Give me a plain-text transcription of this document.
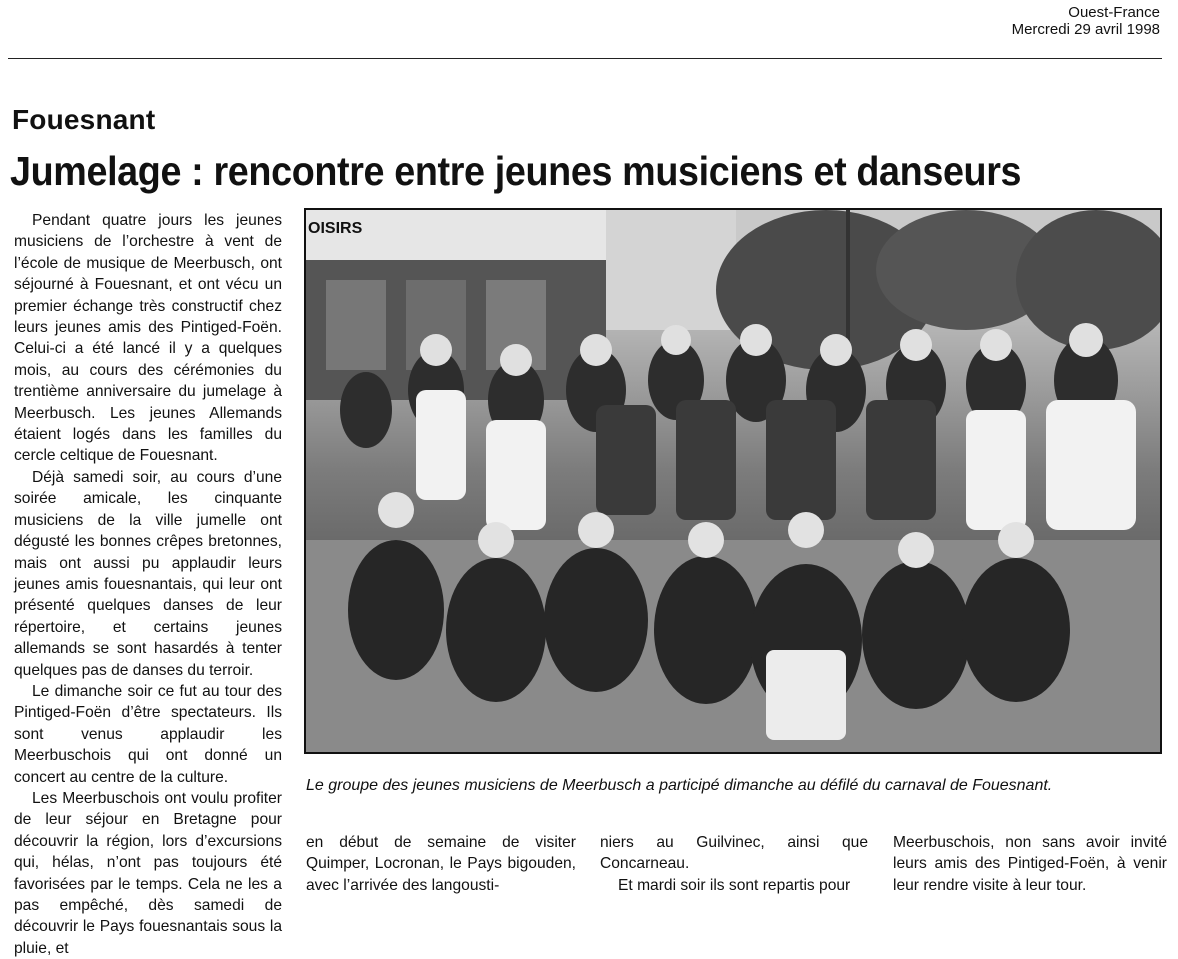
Ouest-France
Mercredi 29 avril 1998
Fouesnant
Jumelage : rencontre entre jeunes musiciens et danseurs

Pendant quatre jours les jeunes musiciens de l’orchestre à vent de l’école de musique de Meerbusch, ont séjourné à Fouesnant, et ont vécu un premier échange très constructif chez leurs jeunes amis des Pintiged-Foën. Celui-ci a été lancé il y a quelques mois, au cours des cérémonies du trentième anniversaire du jumelage à Meerbusch. Les jeunes Allemands étaient logés dans les familles du cercle celtique de Fouesnant.

Déjà samedi soir, au cours d’une soirée amicale, les cinquante musiciens de la ville jumelle ont dégusté les bonnes crêpes bretonnes, mais ont aussi pu applaudir leurs jeunes amis fouesnantais, qui leur ont présenté quelques danses de leur répertoire, et certains jeunes allemands se sont hasardés à tenter quelques pas de danses du terroir.

Le dimanche soir ce fut au tour des Pintiged-Foën d’être spectateurs. Ils sont venus applaudir les Meerbuschois qui ont donné un concert au centre de la culture.

Les Meerbuschois ont voulu profiter de leur séjour en Bretagne pour découvrir la région, lors d’excursions qui, hélas, n’ont pas toujours été favorisées par le temps. Cela ne les a pas empêché, dès samedi de découvrir le Pays fouesnantais sous la pluie, et

OISIRS
Le groupe des jeunes musiciens de Meerbusch a participé dimanche au défilé du carnaval de Fouesnant.

en début de semaine de visiter Quimper, Locronan, le Pays bigouden, avec l’arrivée des langousti-

niers au Guilvinec, ainsi que Concarneau.

Et mardi soir ils sont repartis pour

Meerbuschois, non sans avoir invité leurs amis des Pintiged-Foën, à venir leur rendre visite à leur tour.
